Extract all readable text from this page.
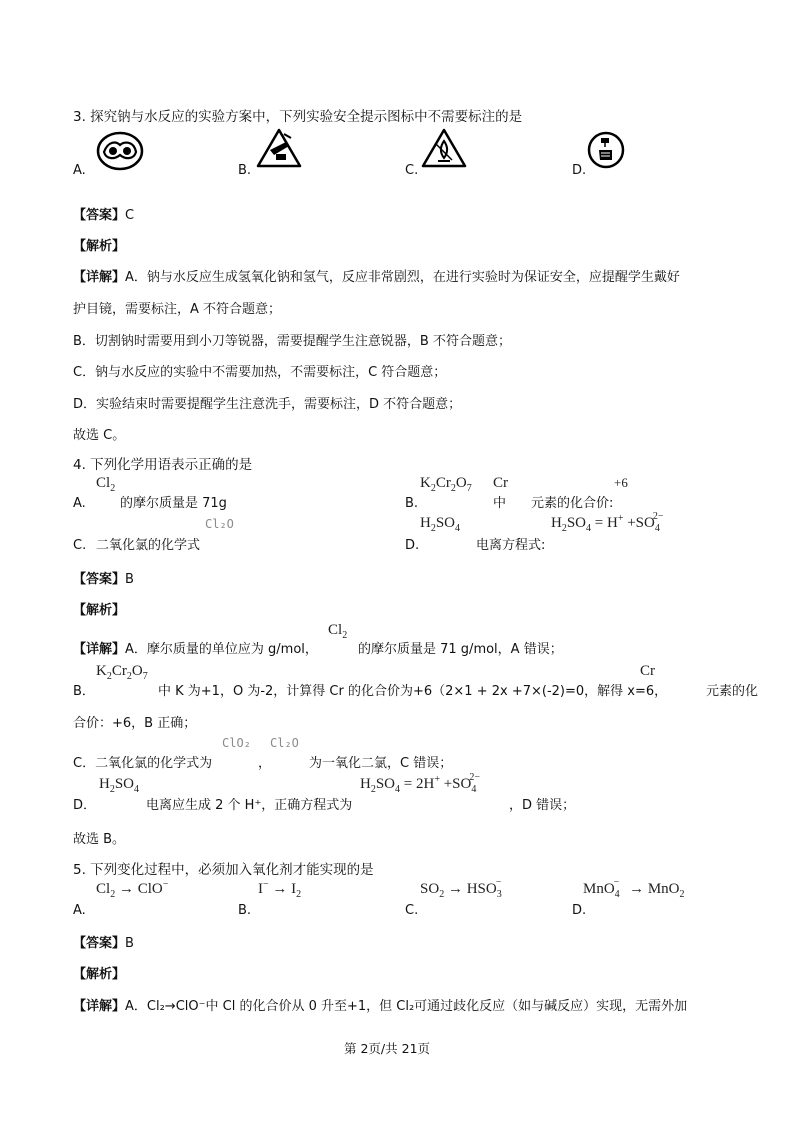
3. 探究钠与水反应的实验方案中，下列实验安全提示图标中不需要标注的是
A.	B.	C.	D.
【答案】C
【解析】
【详解】A．钠与水反应生成氢氧化钠和氢气，反应非常剧烈，在进行实验时为保证安全，应提醒学生戴好
护目镜，需要标注，A 不符合题意；
B．切割钠时需要用到小刀等锐器，需要提醒学生注意锐器，B 不符合题意；
C．钠与水反应的实验中不需要加热，不需要标注，C 符合题意；
D．实验结束时需要提醒学生注意洗手，需要标注，D 不符合题意；
故选 C。
4. 下列化学用语表示正确的是
$Cl_2$
A.	的摩尔质量是 71g
$K_2Cr_2O_7$ Cr	+6
B.	中 元素的化合价:
Cl₂O	$H_2SO_4$	$H_2SO_4 = H^+ +SO_4^{2-}$
C. 二氧化氯的化学式	D.	电离方程式:
【答案】B
【解析】
$Cl_2$
【详解】A．摩尔质量的单位应为 g/mol，	的摩尔质量是 71 g/mol，A 错误；
$K_2Cr_2O_7$	Cr
B．	中 K 为+1，O 为-2，计算得 Cr 的化合价为+6（2×1 + 2x +7×(-2)=0，解得 x=6，	元素的化
合价：+6，B 正确；
ClO₂ Cl₂O
C．二氧化氯的化学式为	，	为一氧化二氯，C 错误；
$H_2SO_4$	$H_2SO_4 = 2H^+ +SO_4^{2-}$
D．	电离应生成 2 个 H⁺，正确方程式为	，D 错误；
故选 B。
5. 下列变化过程中，必须加入氧化剂才能实现的是
$Cl_2 \to ClO^-$	$I^- \to I_2$	$SO_2 \to HSO_3^-$	MnO$_4$− → MnO$_2$
A.	B.	C.	D.
【答案】B
【解析】
【详解】A．Cl₂→ClO⁻中 Cl 的化合价从 0 升至+1，但 Cl₂可通过歧化反应（如与碱反应）实现，无需外加
第 2页/共 21页
